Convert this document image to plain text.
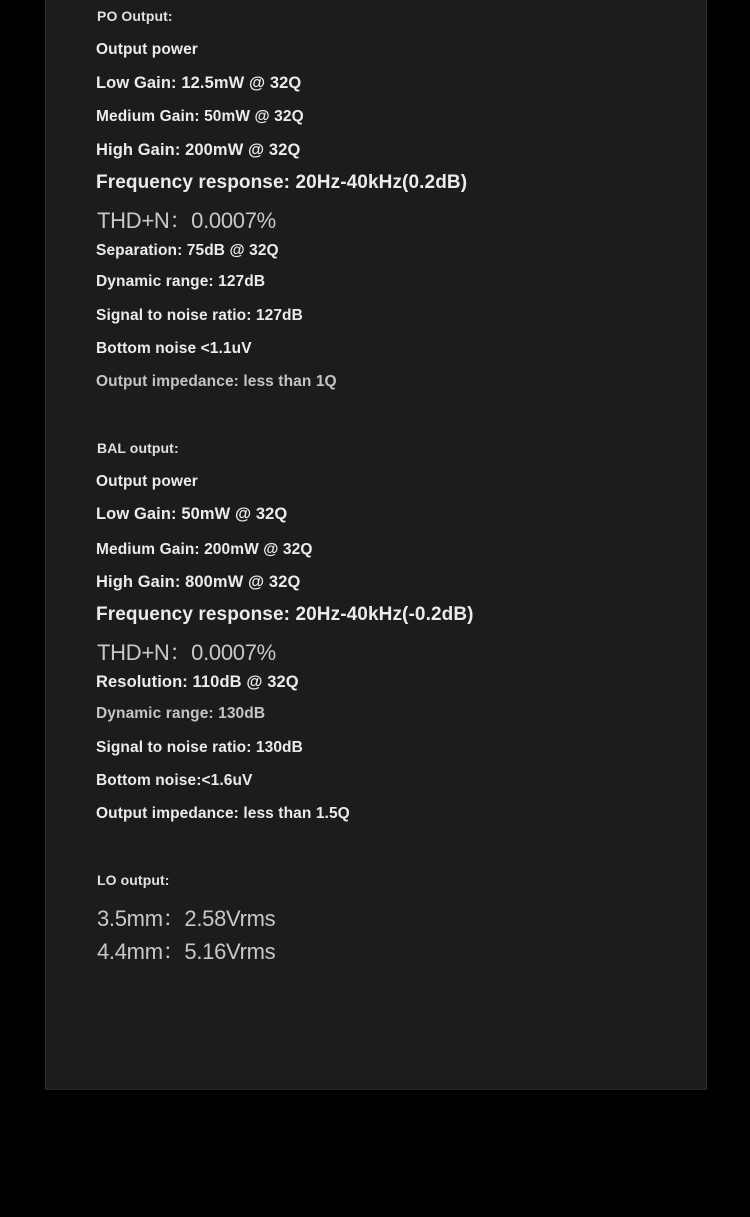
PO Output:
Output power
Low Gain: 12.5mW @ 32Q
Medium Gain: 50mW @ 32Q
High Gain: 200mW @ 32Q
Frequency response: 20Hz-40kHz(0.2dB)
THD+N：0.0007%
Separation: 75dB @ 32Q
Dynamic range: 127dB
Signal to noise ratio: 127dB
Bottom noise <1.1uV
Output impedance: less than 1Q
BAL output:
Output power
Low Gain: 50mW @ 32Q
Medium Gain: 200mW @ 32Q
High Gain: 800mW @ 32Q
Frequency response: 20Hz-40kHz(-0.2dB)
THD+N：0.0007%
Resolution: 110dB @ 32Q
Dynamic range: 130dB
Signal to noise ratio: 130dB
Bottom noise:<1.6uV
Output impedance: less than 1.5Q
LO output:
3.5mm：2.58Vrms
4.4mm：5.16Vrms
